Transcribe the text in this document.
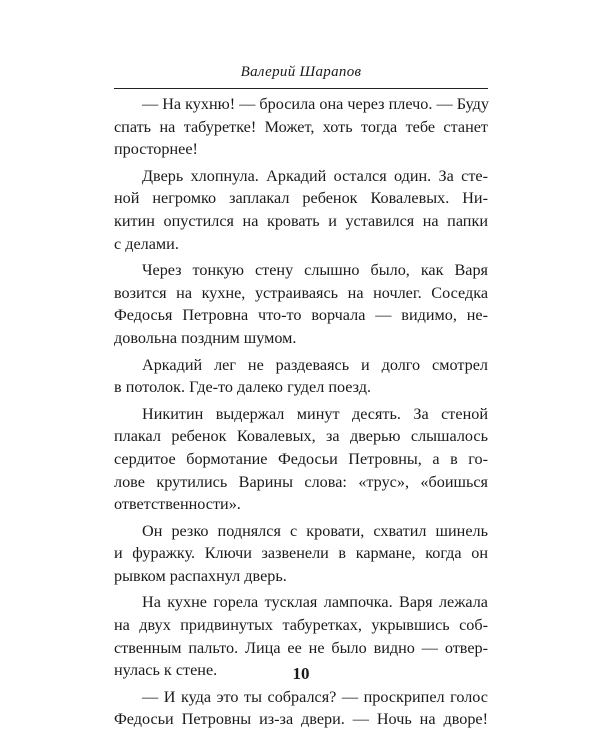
Валерий Шарапов
— На кухню! — бросила она через плечо. — Буду
спать на табуретке! Может, хоть тогда тебе станет
просторнее!
Дверь хлопнула. Аркадий остался один. За сте-
ной негромко заплакал ребенок Ковалевых. Ни-
китин опустился на кровать и уставился на папки
с делами.
Через тонкую стену слышно было, как Варя
возится на кухне, устраиваясь на ночлег. Соседка
Федосья Петровна что-то ворчала — видимо, не-
довольна поздним шумом.
Аркадий лег не раздеваясь и долго смотрел
в потолок. Где-то далеко гудел поезд.
Никитин выдержал минут десять. За стеной
плакал ребенок Ковалевых, за дверью слышалось
сердитое бормотание Федосьи Петровны, а в го-
лове крутились Варины слова: «трус», «боишься
ответственности».
Он резко поднялся с кровати, схватил шинель
и фуражку. Ключи зазвенели в кармане, когда он
рывком распахнул дверь.
На кухне горела тусклая лампочка. Варя лежала
на двух придвинутых табуретках, укрывшись соб-
ственным пальто. Лица ее не было видно — отвер-
нулась к стене.
— И куда это ты собрался? — проскрипел голос
Федосьи Петровны из-за двери. — Ночь на дворе!
10
